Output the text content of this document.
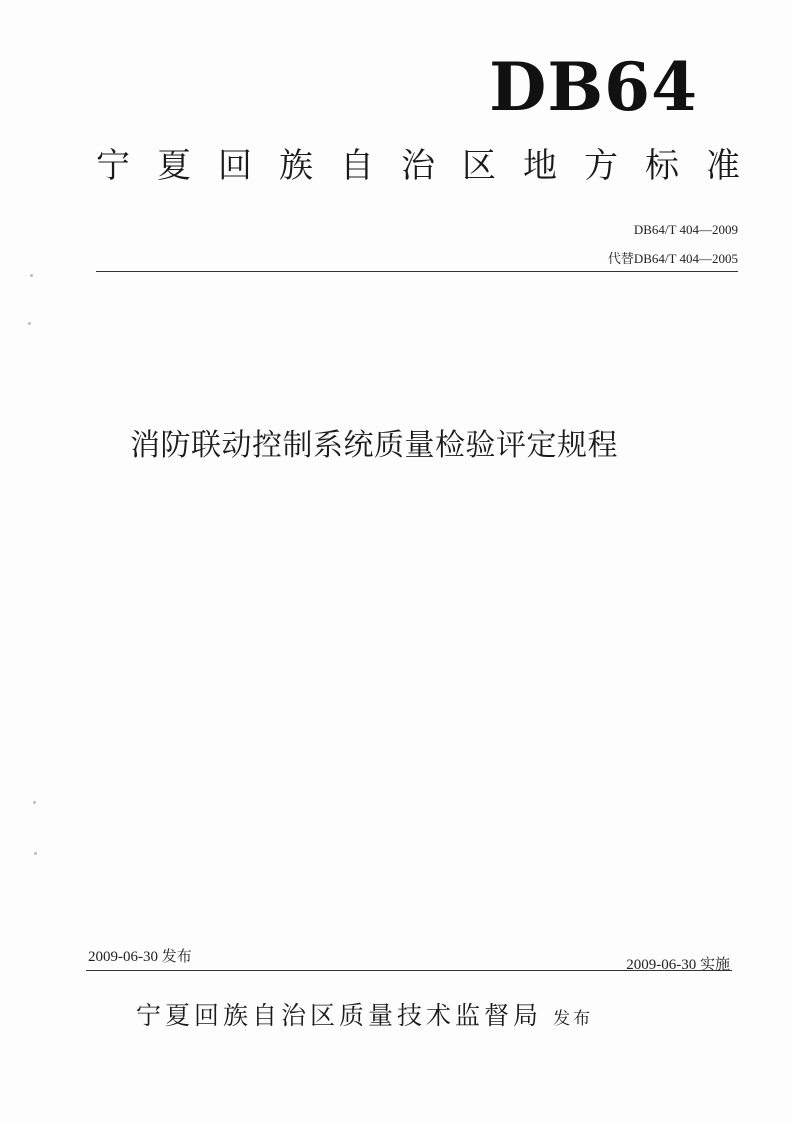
DB64
宁夏回族自治区地方标准
DB64/T 404—2009
代替DB64/T 404—2005
消防联动控制系统质量检验评定规程
2009-06-30 发布	2009-06-30 实施
宁夏回族自治区质量技术监督局 发布
